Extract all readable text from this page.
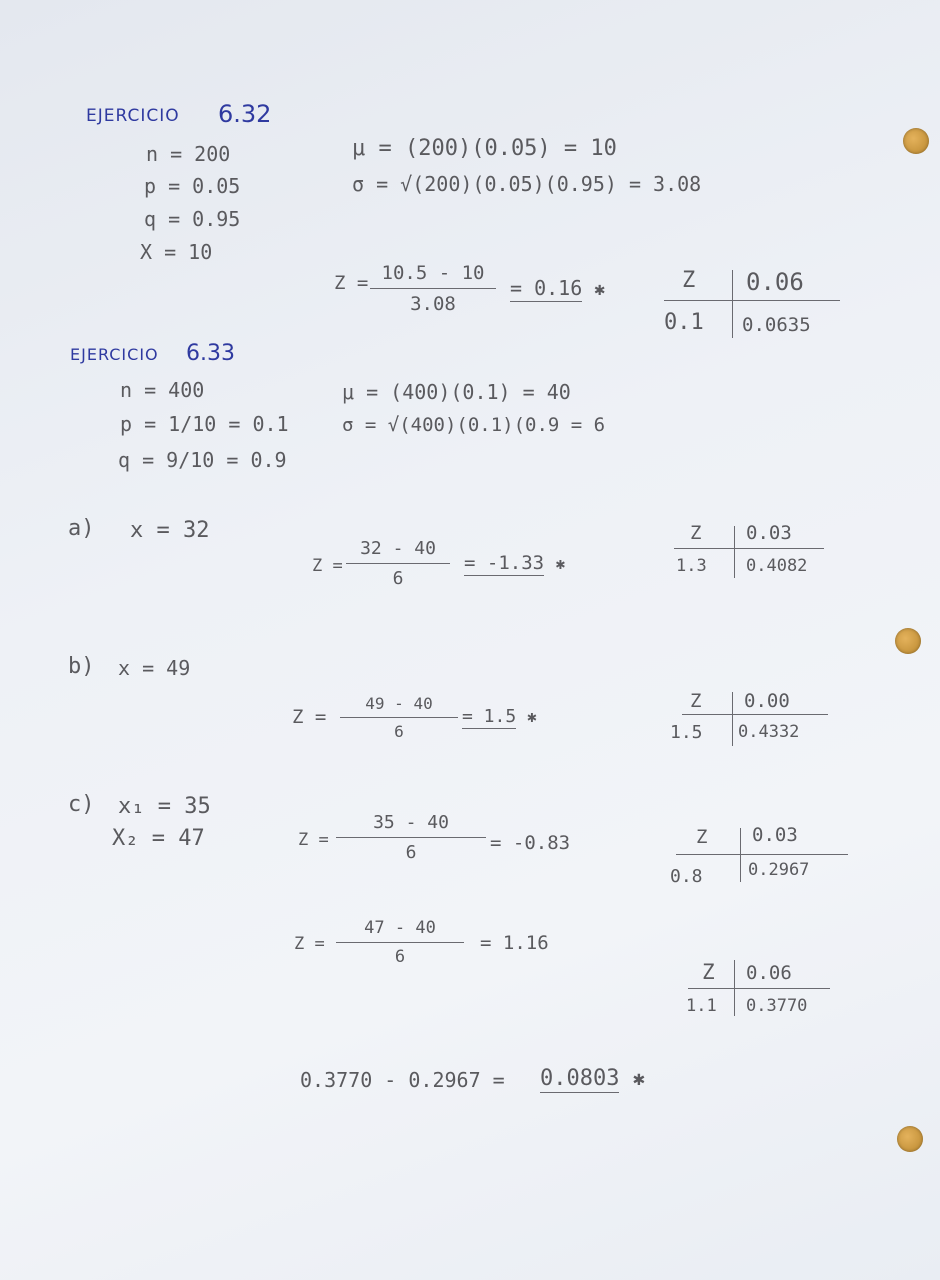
EJERCICIO 6.32
n = 200
p = 0.05
q = 0.95
X = 10
μ = (200)(0.05) = 10
σ = √(200)(0.05)(0.95) = 3.08
Z = 10.5 - 10
3.08
= 0.16 ✱	Z 0.06
0.1 0.0635
EJERCICIO 6.33
n = 400
p = 1/10 = 0.1
q = 9/10 = 0.9
μ = (400)(0.1) = 40
σ = √(400)(0.1)(0.9 = 6
a) x = 32
Z =
32 - 40
6
= -1.33 ✱
Z 0.03
1.3 0.4082
b) x = 49
Z =
49 - 40
6
= 1.5 ✱
Z 0.00
1.5 0.4332
c) x₁ = 35
X₂ = 47	Z =
35 - 40
6	= -0.83	Z 0.03
0.8	0.2967
Z =
47 - 40
6
= 1.16
Z 0.06
1.1 0.3770
0.3770 - 0.2967 = 0.0803 ✱
